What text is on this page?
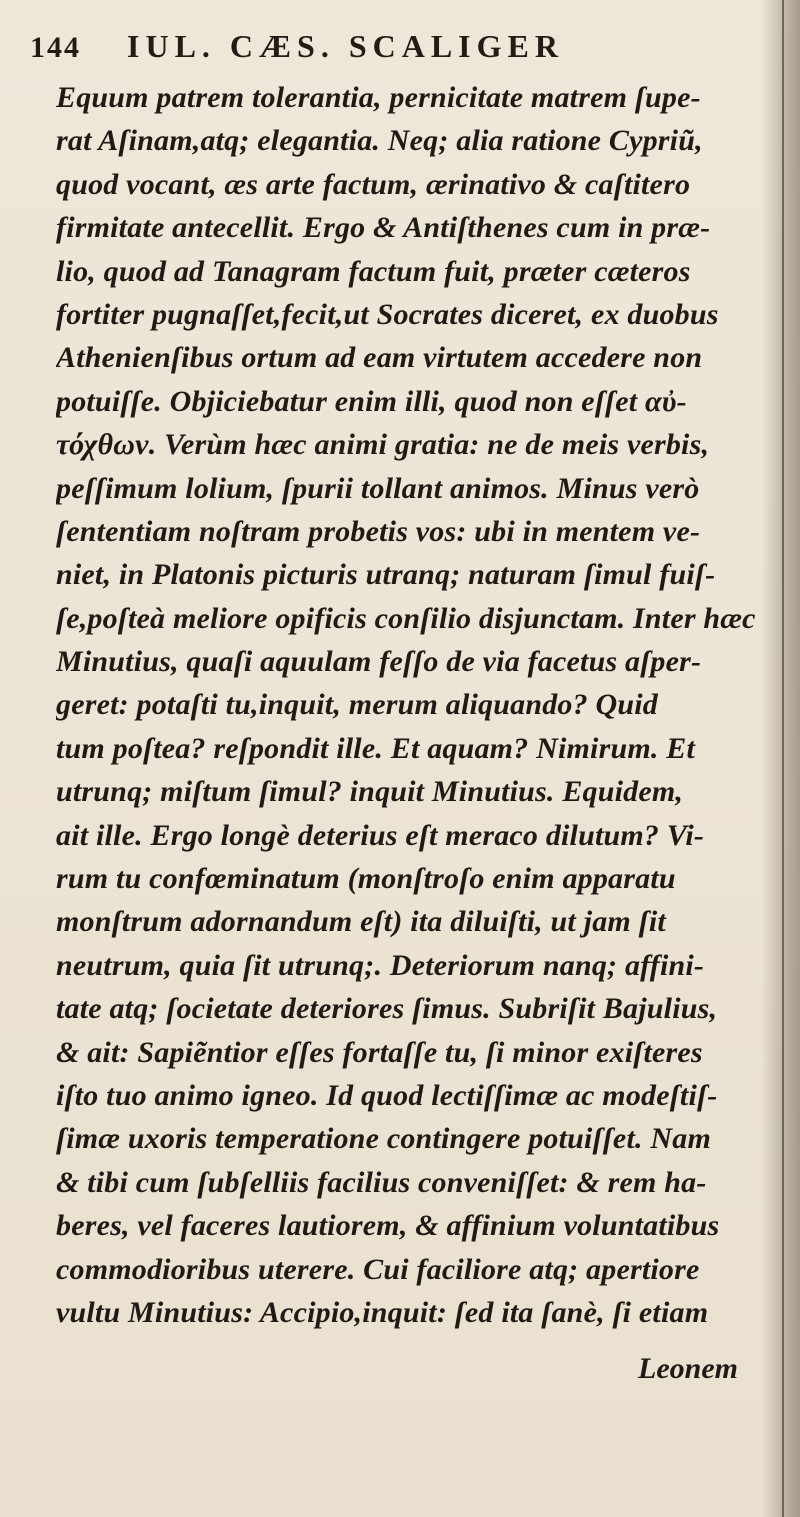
144 IUL. CÆS. SCALIGER
Equum patrem tolerantia, pernicitate matrem ſupe-
rat Aſinam,atq; elegantia. Neq; alia ratione Cypriũ,
quod vocant, æs arte factum, ærinativo & caſtitero
firmitate antecellit. Ergo & Antiſthenes cum in præ-
lio, quod ad Tanagram factum fuit, præter cæteros
fortiter pugnaſſet,fecit,ut Socrates diceret, ex duobus
Athenienſibus ortum ad eam virtutem accedere non
potuiſſe. Objiciebatur enim illi, quod non eſſet αὐ-
τόχθων. Verùm hæc animi gratia: ne de meis verbis,
peſſimum lolium, ſpurii tollant animos. Minus verò
ſententiam noſtram probetis vos: ubi in mentem ve-
niet, in Platonis picturis utranq; naturam ſimul fuiſ-
ſe,poſteà meliore opificis conſilio disjunctam. Inter hæc
Minutius, quaſi aquulam feſſo de via facetus aſper-
geret: potaſti tu,inquit, merum aliquando? Quid
tum poſtea? reſpondit ille. Et aquam? Nimirum. Et
utrunq; miſtum ſimul? inquit Minutius. Equidem,
ait ille. Ergo longè deterius eſt meraco dilutum? Vi-
rum tu confœminatum (monſtroſo enim apparatu
monſtrum adornandum eſt) ita diluiſti, ut jam ſit
neutrum, quia ſit utrunq;. Deteriorum nanq; affini-
tate atq; ſocietate deteriores ſimus. Subriſit Bajulius,
& ait: Sapiẽntior eſſes fortaſſe tu, ſi minor exiſteres
iſto tuo animo igneo. Id quod lectiſſimæ ac modeſtiſ-
ſimæ uxoris temperatione contingere potuiſſet. Nam
& tibi cum ſubſelliis facilius conveniſſet: & rem ha-
beres, vel faceres lautiorem, & affinium voluntatibus
commodioribus uterere. Cui faciliore atq; apertiore
vultu Minutius: Accipio,inquit: ſed ita ſanè, ſi etiam
Leonem
